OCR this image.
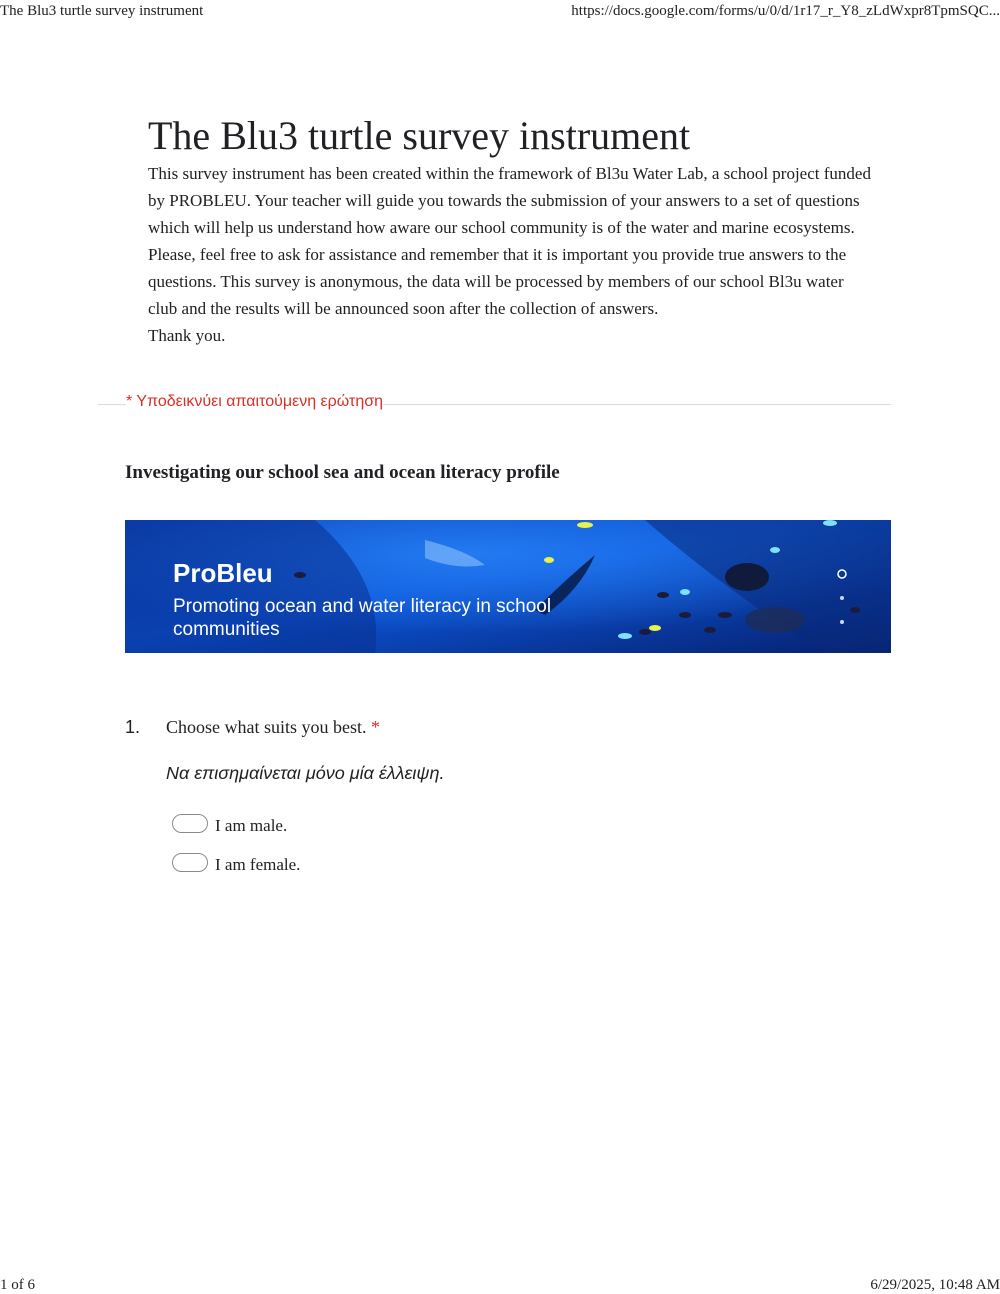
The Blu3 turtle survey instrument	https://docs.google.com/forms/u/0/d/1r17_r_Y8_zLdWxpr8TpmSQC...
The Blu3 turtle survey instrument

This survey instrument has been created within the framework of Bl3u Water Lab, a school project funded by PROBLEU. Your teacher will guide you towards the submission of your answers to a set of questions which will help us understand how aware our school community is of the water and marine ecosystems. Please, feel free to ask for assistance and remember that it is important you provide true answers to the questions. This survey is anonymous, the data will be processed by members of our school Bl3u water club and the results will be announced soon after the collection of answers.

Thank you.

* Υποδεικνύει απαιτούμενη ερώτηση
Investigating our school sea and ocean literacy profile
ProBleu
Promoting ocean and water literacy in school communities
1. Choose what suits you best. *
Να επισημαίνεται μόνο μία έλλειψη.
I am male.
I am female.
1 of 6	6/29/2025, 10:48 AM
